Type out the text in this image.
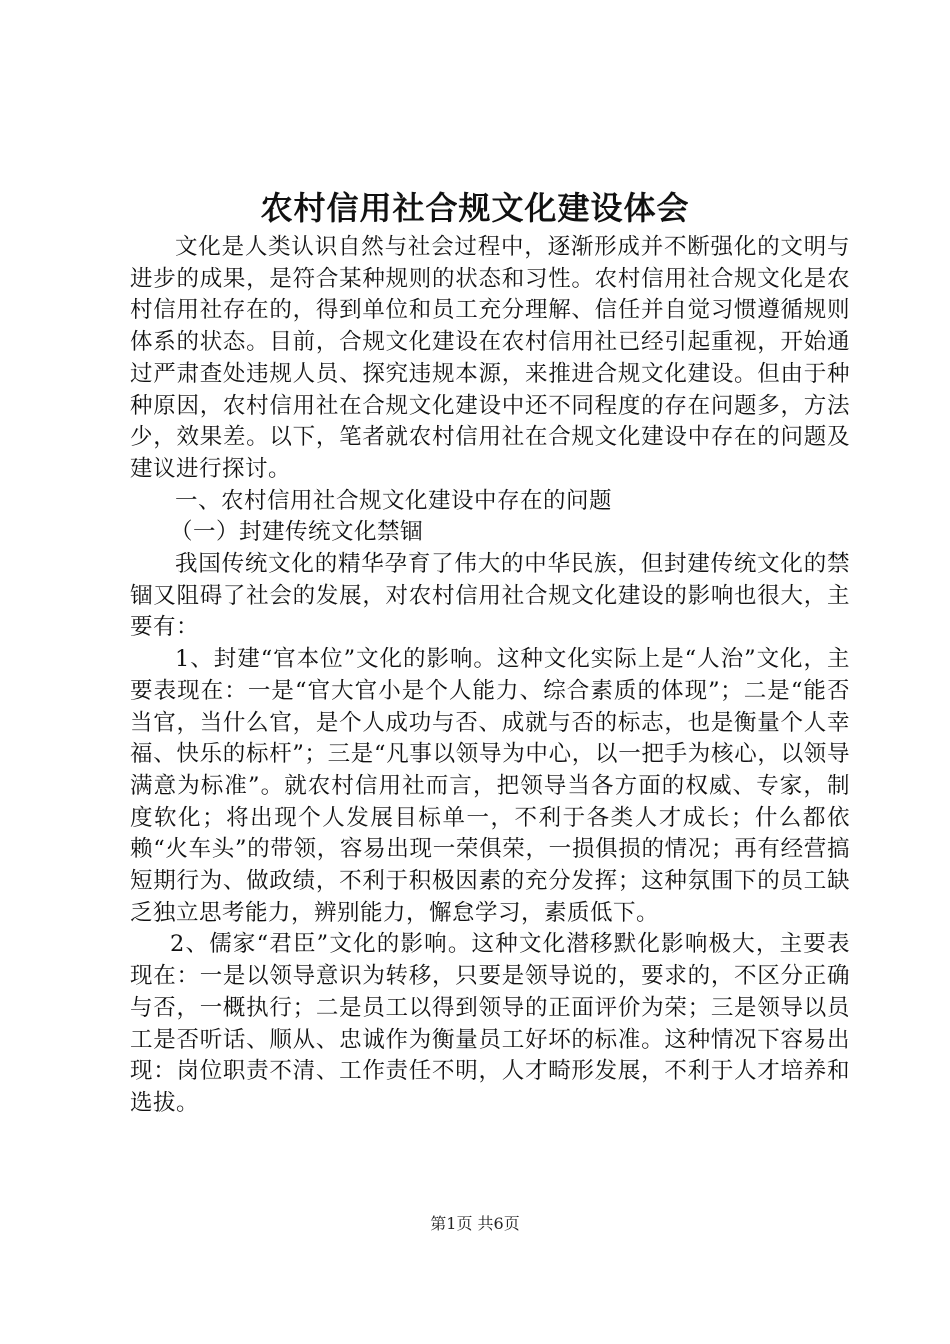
农村信用社合规文化建设体会

文化是人类认识自然与社会过程中，逐渐形成并不断强化的文明与进步的成果，是符合某种规则的状态和习性。农村信用社合规文化是农村信用社存在的，得到单位和员工充分理解、信任并自觉习惯遵循规则体系的状态。目前，合规文化建设在农村信用社已经引起重视，开始通过严肃查处违规人员、探究违规本源，来推进合规文化建设。但由于种种原因，农村信用社在合规文化建设中还不同程度的存在问题多，方法少，效果差。以下，笔者就农村信用社在合规文化建设中存在的问题及建议进行探讨。

一、农村信用社合规文化建设中存在的问题

（一）封建传统文化禁锢

我国传统文化的精华孕育了伟大的中华民族，但封建传统文化的禁锢又阻碍了社会的发展，对农村信用社合规文化建设的影响也很大，主要有：

1、封建“官本位”文化的影响。这种文化实际上是“人治”文化，主要表现在：一是“官大官小是个人能力、综合素质的体现”；二是“能否当官，当什么官，是个人成功与否、成就与否的标志，也是衡量个人幸福、快乐的标杆”；三是“凡事以领导为中心，以一把手为核心，以领导满意为标准”。就农村信用社而言，把领导当各方面的权威、专家，制度软化；将出现个人发展目标单一，不利于各类人才成长；什么都依赖“火车头”的带领，容易出现一荣俱荣，一损俱损的情况；再有经营搞短期行为、做政绩，不利于积极因素的充分发挥；这种氛围下的员工缺乏独立思考能力，辨别能力，懈怠学习，素质低下。

2、儒家“君臣”文化的影响。这种文化潜移默化影响极大，主要表现在：一是以领导意识为转移，只要是领导说的，要求的，不区分正确与否，一概执行；二是员工以得到领导的正面评价为荣；三是领导以员工是否听话、顺从、忠诚作为衡量员工好坏的标准。这种情况下容易出现：岗位职责不清、工作责任不明，人才畸形发展，不利于人才培养和选拔。

第1页 共6页
